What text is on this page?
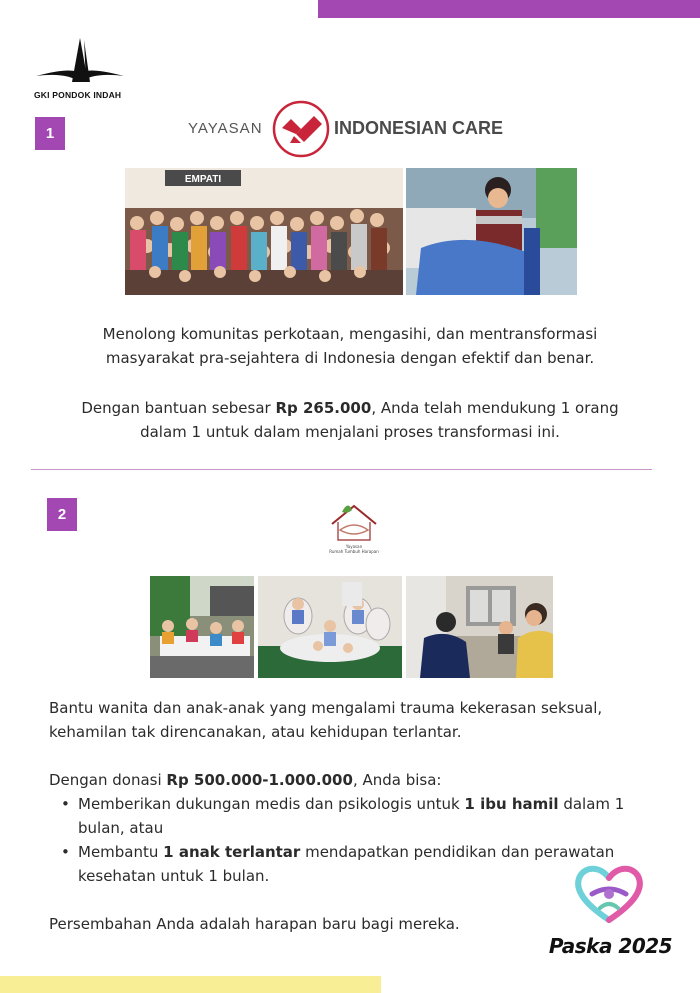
GKI PONDOK INDAH
1	YAYASAN	INDONESIAN CARE
EMPATI
Menolong komunitas perkotaan, mengasihi, dan mentransformasi
masyarakat pra-sejahtera di Indonesia dengan efektif dan benar.
Dengan bantuan sebesar Rp 265.000, Anda telah mendukung 1 orang
dalam 1 untuk dalam menjalani proses transformasi ini.
2
Yayasan
Rumah Tumbuh Harapan
Bantu wanita dan anak-anak yang mengalami trauma kekerasan seksual,
kehamilan tak direncanakan, atau kehidupan terlantar.
Dengan donasi Rp 500.000-1.000.000, Anda bisa:
• Memberikan dukungan medis dan psikologis untuk 1 ibu hamil dalam 1
bulan, atau
• Membantu 1 anak terlantar mendapatkan pendidikan dan perawatan
kesehatan untuk 1 bulan.
Persembahan Anda adalah harapan baru bagi mereka.
Paska 2025
